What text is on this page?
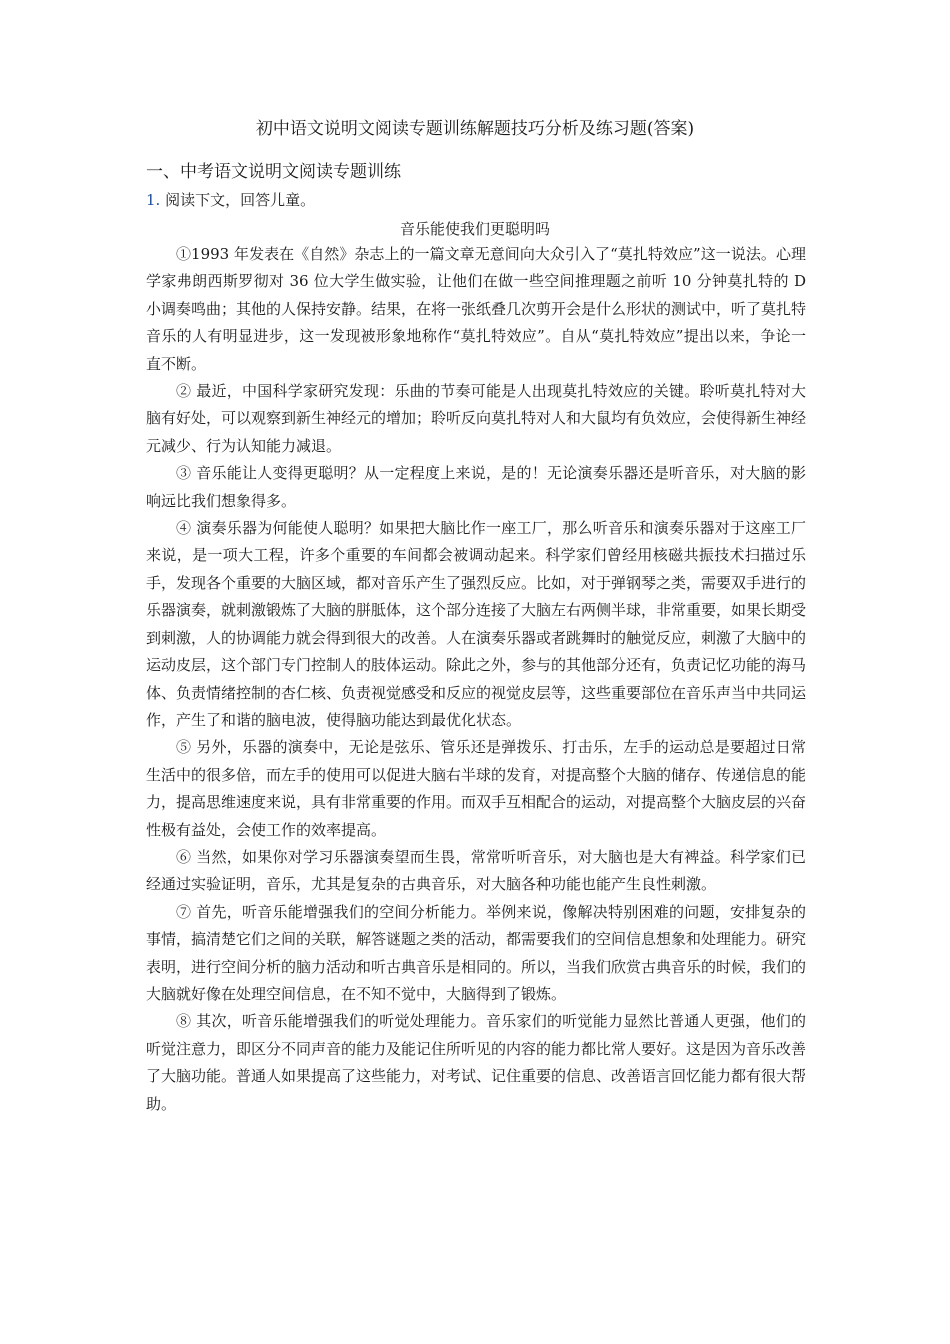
初中语文说明文阅读专题训练解题技巧分析及练习题(答案)
一、中考语文说明文阅读专题训练
1. 阅读下文，回答儿童。
音乐能使我们更聪明吗

①1993 年发表在《自然》杂志上的一篇文章无意间向大众引入了“莫扎特效应”这一说法。心理学家弗朗西斯罗彻对 36 位大学生做实验，让他们在做一些空间推理题之前听 10 分钟莫扎特的 D 小调奏鸣曲；其他的人保持安静。结果，在将一张纸叠几次剪开会是什么形状的测试中，听了莫扎特音乐的人有明显进步，这一发现被形象地称作“莫扎特效应”。自从“莫扎特效应”提出以来，争论一直不断。

② 最近，中国科学家研究发现：乐曲的节奏可能是人出现莫扎特效应的关键。聆听莫扎特对大脑有好处，可以观察到新生神经元的增加；聆听反向莫扎特对人和大鼠均有负效应，会使得新生神经元减少、行为认知能力减退。

③ 音乐能让人变得更聪明？从一定程度上来说，是的！无论演奏乐器还是听音乐，对大脑的影响远比我们想象得多。

④ 演奏乐器为何能使人聪明？如果把大脑比作一座工厂，那么听音乐和演奏乐器对于这座工厂来说，是一项大工程，许多个重要的车间都会被调动起来。科学家们曾经用核磁共振技术扫描过乐手，发现各个重要的大脑区域，都对音乐产生了强烈反应。比如，对于弹钢琴之类，需要双手进行的乐器演奏，就刺激锻炼了大脑的胼胝体，这个部分连接了大脑左右两侧半球，非常重要，如果长期受到刺激，人的协调能力就会得到很大的改善。人在演奏乐器或者跳舞时的触觉反应，刺激了大脑中的运动皮层，这个部门专门控制人的肢体运动。除此之外，参与的其他部分还有，负责记忆功能的海马体、负责情绪控制的杏仁核、负责视觉感受和反应的视觉皮层等，这些重要部位在音乐声当中共同运作，产生了和谐的脑电波，使得脑功能达到最优化状态。

⑤ 另外，乐器的演奏中，无论是弦乐、管乐还是弹拨乐、打击乐，左手的运动总是要超过日常生活中的很多倍，而左手的使用可以促进大脑右半球的发育，对提高整个大脑的储存、传递信息的能力，提高思维速度来说，具有非常重要的作用。而双手互相配合的运动，对提高整个大脑皮层的兴奋性极有益处，会使工作的效率提高。

⑥ 当然，如果你对学习乐器演奏望而生畏，常常听听音乐，对大脑也是大有裨益。科学家们已经通过实验证明，音乐，尤其是复杂的古典音乐，对大脑各种功能也能产生良性刺激。

⑦ 首先，听音乐能增强我们的空间分析能力。举例来说，像解决特别困难的问题，安排复杂的事情，搞清楚它们之间的关联，解答谜题之类的活动，都需要我们的空间信息想象和处理能力。研究表明，进行空间分析的脑力活动和听古典音乐是相同的。所以，当我们欣赏古典音乐的时候，我们的大脑就好像在处理空间信息，在不知不觉中，大脑得到了锻炼。

⑧ 其次，听音乐能增强我们的听觉处理能力。音乐家们的听觉能力显然比普通人更强，他们的听觉注意力，即区分不同声音的能力及能记住所听见的内容的能力都比常人要好。这是因为音乐改善了大脑功能。普通人如果提高了这些能力，对考试、记住重要的信息、改善语言回忆能力都有很大帮助。
